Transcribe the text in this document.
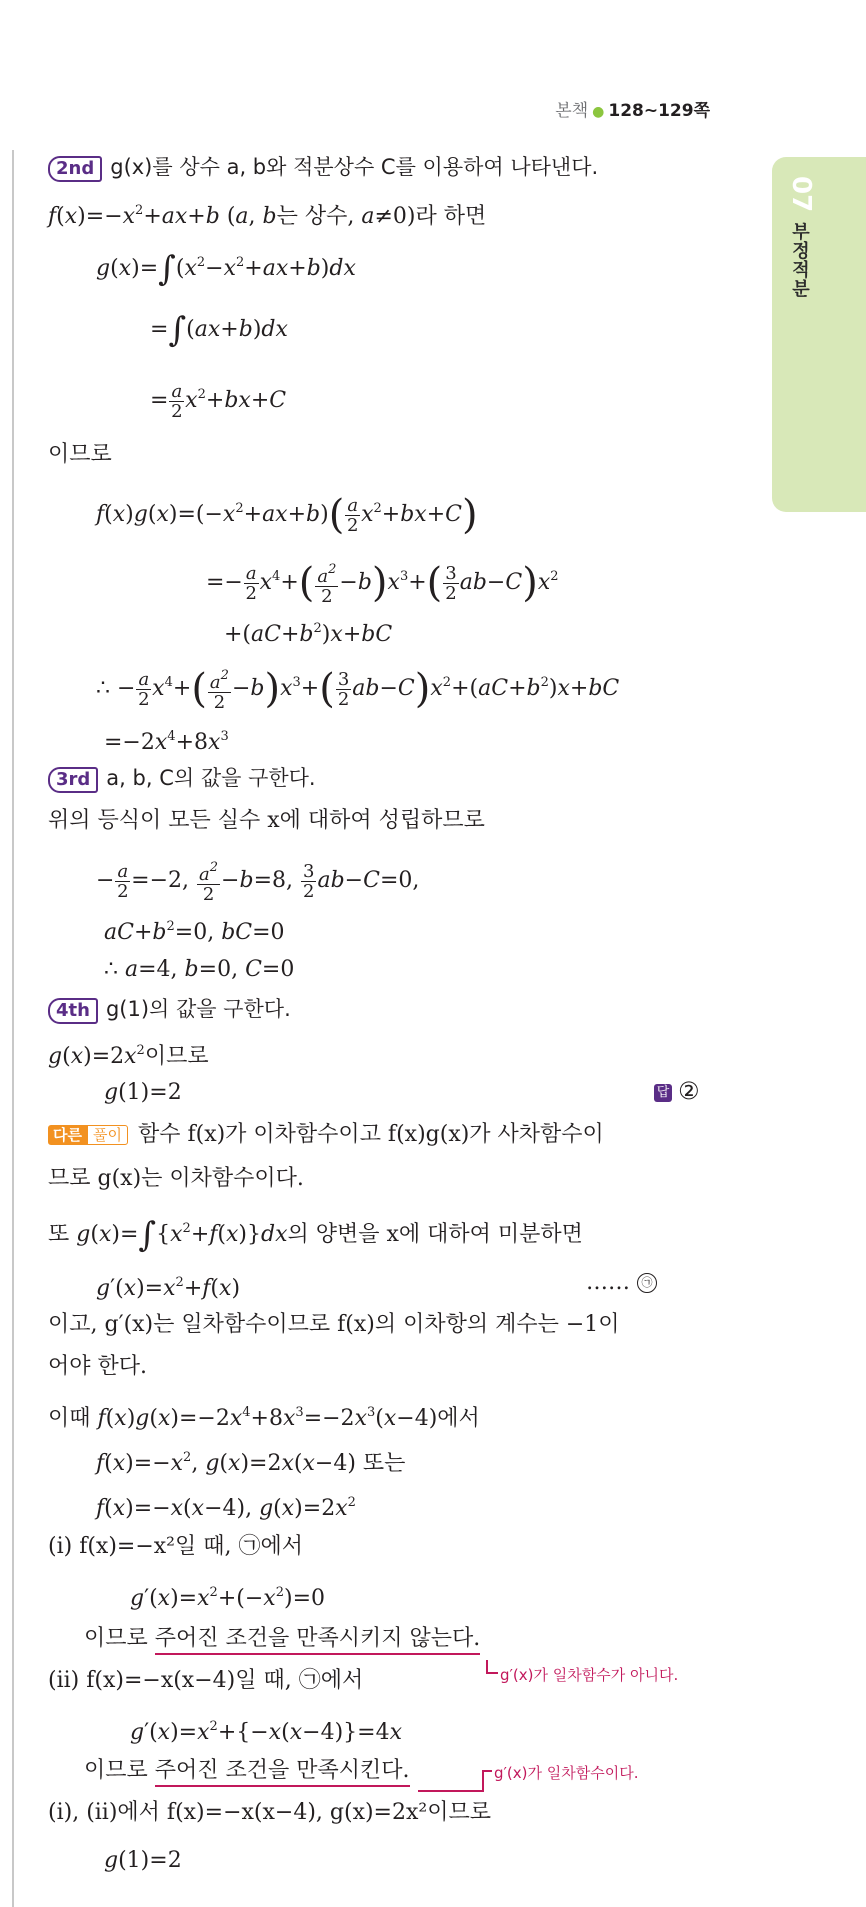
본책 ● 128~129쪽
07
부정적분
2nd g(x)를 상수 a, b와 적분상수 C를 이용하여 나타낸다.
$f(x)=-x^2+ax+b$ (a, b는 상수, a≠0)라 하면
$g(x)=\int(x^2-x^2+ax+b)dx$
=∫(ax+b)dx
= $\frac{a}{2} x^2+bx+C$
이므로
$f(x)g(x)=(-x^2+ax+b)( \frac{a}{2} x^2+bx+C)$
=− $\frac{a}{2} x^4+( \frac{a^2}{2} -b)x^3+( \frac{3}{2} ab-C)x^2$
$+(aC+b^2)x+bC$
∴ − $\frac{a}{2} x^4+( \frac{a^2}{2} -b)x^3+( \frac{3}{2} ab-C)x^2+(aC+b^2)x+bC$
$=-2x^4+8x^3$
3rd a, b, C의 값을 구한다.
위의 등식이 모든 실수 x에 대하여 성립하므로
− $\frac{a}{2} =-2$, $\frac{a^2}{2} -b=8$, $\frac{3}{2} ab-C=0$,
$aC+b^2=0$, bC=0
∴ a=4, b=0, C=0
4th g(1)의 값을 구한다.
$g(x)=2x^2$이므로
g(1)=2	답 ②
다른 풀이 함수 f(x)가 이차함수이고 f(x)g(x)가 사차함수이
므로 g(x)는 이차함수이다.
또 $g(x)=\int\{x^2+f(x)\}dx$의 양변을 x에 대하여 미분하면
$g'(x)=x^2+f(x)$	…… ㉠
이고, g′(x)는 일차함수이므로 f(x)의 이차항의 계수는 −1이
어야 한다.
이때 $f(x)g(x)=-2x^4+8x^3=-2x^3(x-4)$에서
$f(x)=-x^2$, g(x)=2x(x−4) 또는
f(x)=−x(x−4), $g(x)=2x^2$
(i) f(x)=−x²일 때, ㉠에서
$g'(x)=x^2+(-x^2)=0$
이므로 주어진 조건을 만족시키지 않는다.
g′(x)가 일차함수가 아니다.
(ii) f(x)=−x(x−4)일 때, ㉠에서
$g'(x)=x^2+\{-x(x-4)\}=4x$
이므로 주어진 조건을 만족시킨다.	g′(x)가 일차함수이다.
(i), (ii)에서 f(x)=−x(x−4), g(x)=2x²이므로
g(1)=2
